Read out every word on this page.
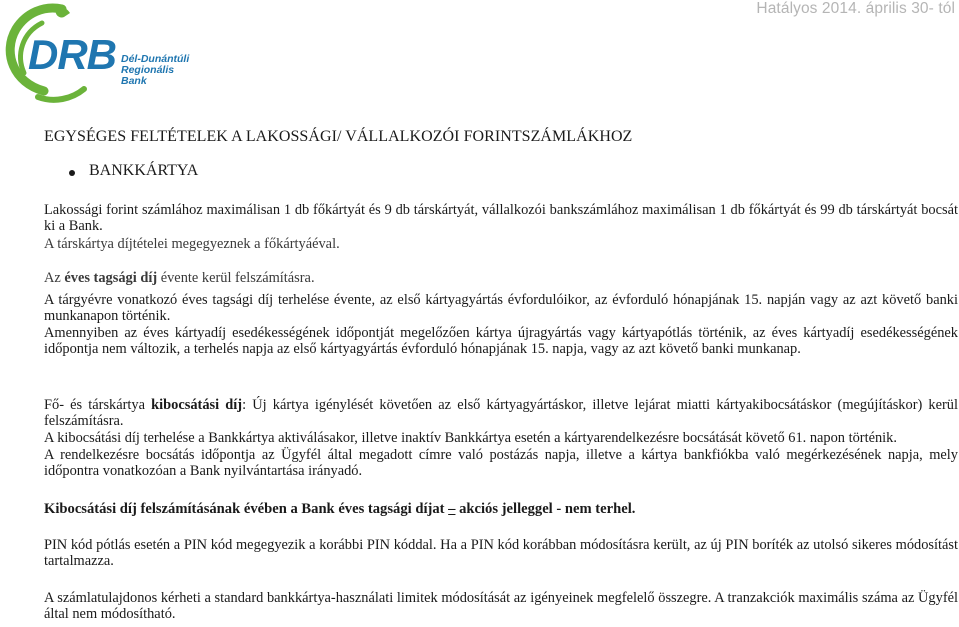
Hatályos 2014. április 30- tól
DRB Dél-Dunántúli
Regionális
Bank
EGYSÉGES FELTÉTELEK A LAKOSSÁGI/ VÁLLALKOZÓI FORINTSZÁMLÁKHOZ
BANKKÁRTYA

Lakossági forint számlához maximálisan 1 db főkártyát és 9 db társkártyát, vállalkozói bankszámlához maximálisan 1 db főkártyát és 99 db társkártyát bocsát ki a Bank.

A társkártya díjtételei megegyeznek a főkártyáéval.

Az éves tagsági díj évente kerül felszámításra.

A tárgyévre vonatkozó éves tagsági díj terhelése évente, az első kártyagyártás évfordulóikor, az évforduló hónapjának 15. napján vagy az azt követő banki munkanapon történik.

Amennyiben az éves kártyadíj esedékességének időpontját megelőzően kártya újragyártás vagy kártyapótlás történik, az éves kártyadíj esedékességének időpontja nem változik, a terhelés napja az első kártyagyártás évforduló hónapjának 15. napja, vagy az azt követő banki munkanap.

Fő- és társkártya kibocsátási díj: Új kártya igénylését követően az első kártyagyártáskor, illetve lejárat miatti kártyakibocsátáskor (megújításkor) kerül felszámításra.

A kibocsátási díj terhelése a Bankkártya aktiválásakor, illetve inaktív Bankkártya esetén a kártyarendelkezésre bocsátását követő 61. napon történik.

A rendelkezésre bocsátás időpontja az Ügyfél által megadott címre való postázás napja, illetve a kártya bankfiókba való megérkezésének napja, mely időpontra vonatkozóan a Bank nyilvántartása irányadó.

Kibocsátási díj felszámításának évében a Bank éves tagsági díjat – akciós jelleggel - nem terhel.

PIN kód pótlás esetén a PIN kód megegyezik a korábbi PIN kóddal. Ha a PIN kód korábban módosításra került, az új PIN boríték az utolsó sikeres módosítást tartalmazza.

A számlatulajdonos kérheti a standard bankkártya-használati limitek módosítását az igényeinek megfelelő összegre. A tranzakciók maximális száma az Ügyfél által nem módosítható.
